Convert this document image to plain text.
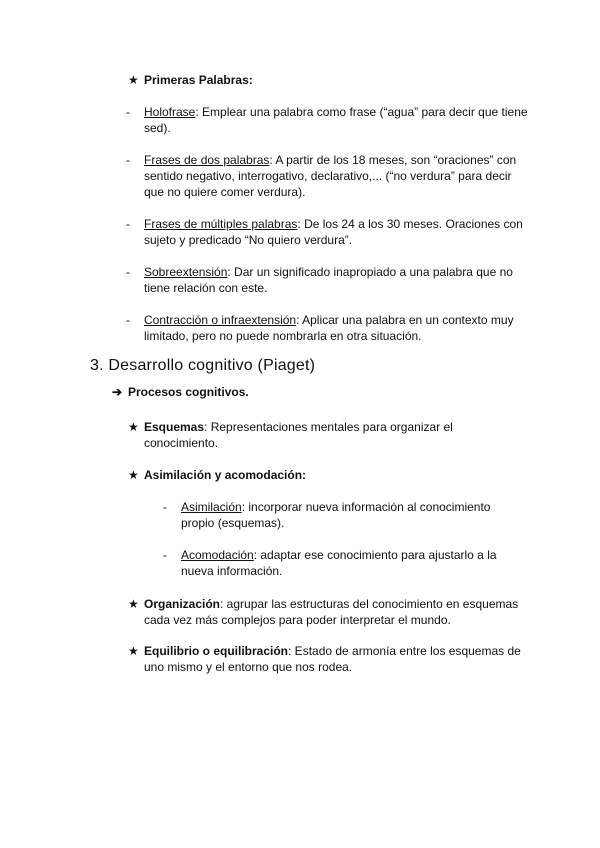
★ Primeras Palabras:
-	Holofrase: Emplear una palabra como frase (“agua” para decir que tiene sed).
-	Frases de dos palabras: A partir de los 18 meses, son “oraciones” con sentido negativo, interrogativo, declarativo,... (“no verdura” para decir que no quiere comer verdura).
-	Frases de múltiples palabras: De los 24 a los 30 meses. Oraciones con sujeto y predicado “No quiero verdura”.
-	Sobreextensión: Dar un significado inapropiado a una palabra que no tiene relación con este.
-	Contracción o infraextensión: Aplicar una palabra en un contexto muy limitado, pero no puede nombrarla en otra situación.
3. Desarrollo cognitivo (Piaget)
➔ Procesos cognitivos.
★ Esquemas: Representaciones mentales para organizar el conocimiento.
★ Asimilación y acomodación:
-	Asimilación: incorporar nueva información al conocimiento propio (esquemas).
-	Acomodación: adaptar ese conocimiento para ajustarlo a la nueva información.
★ Organización: agrupar las estructuras del conocimiento en esquemas cada vez más complejos para poder interpretar el mundo.
★ Equilibrio o equilibración: Estado de armonía entre los esquemas de uno mismo y el entorno que nos rodea.
